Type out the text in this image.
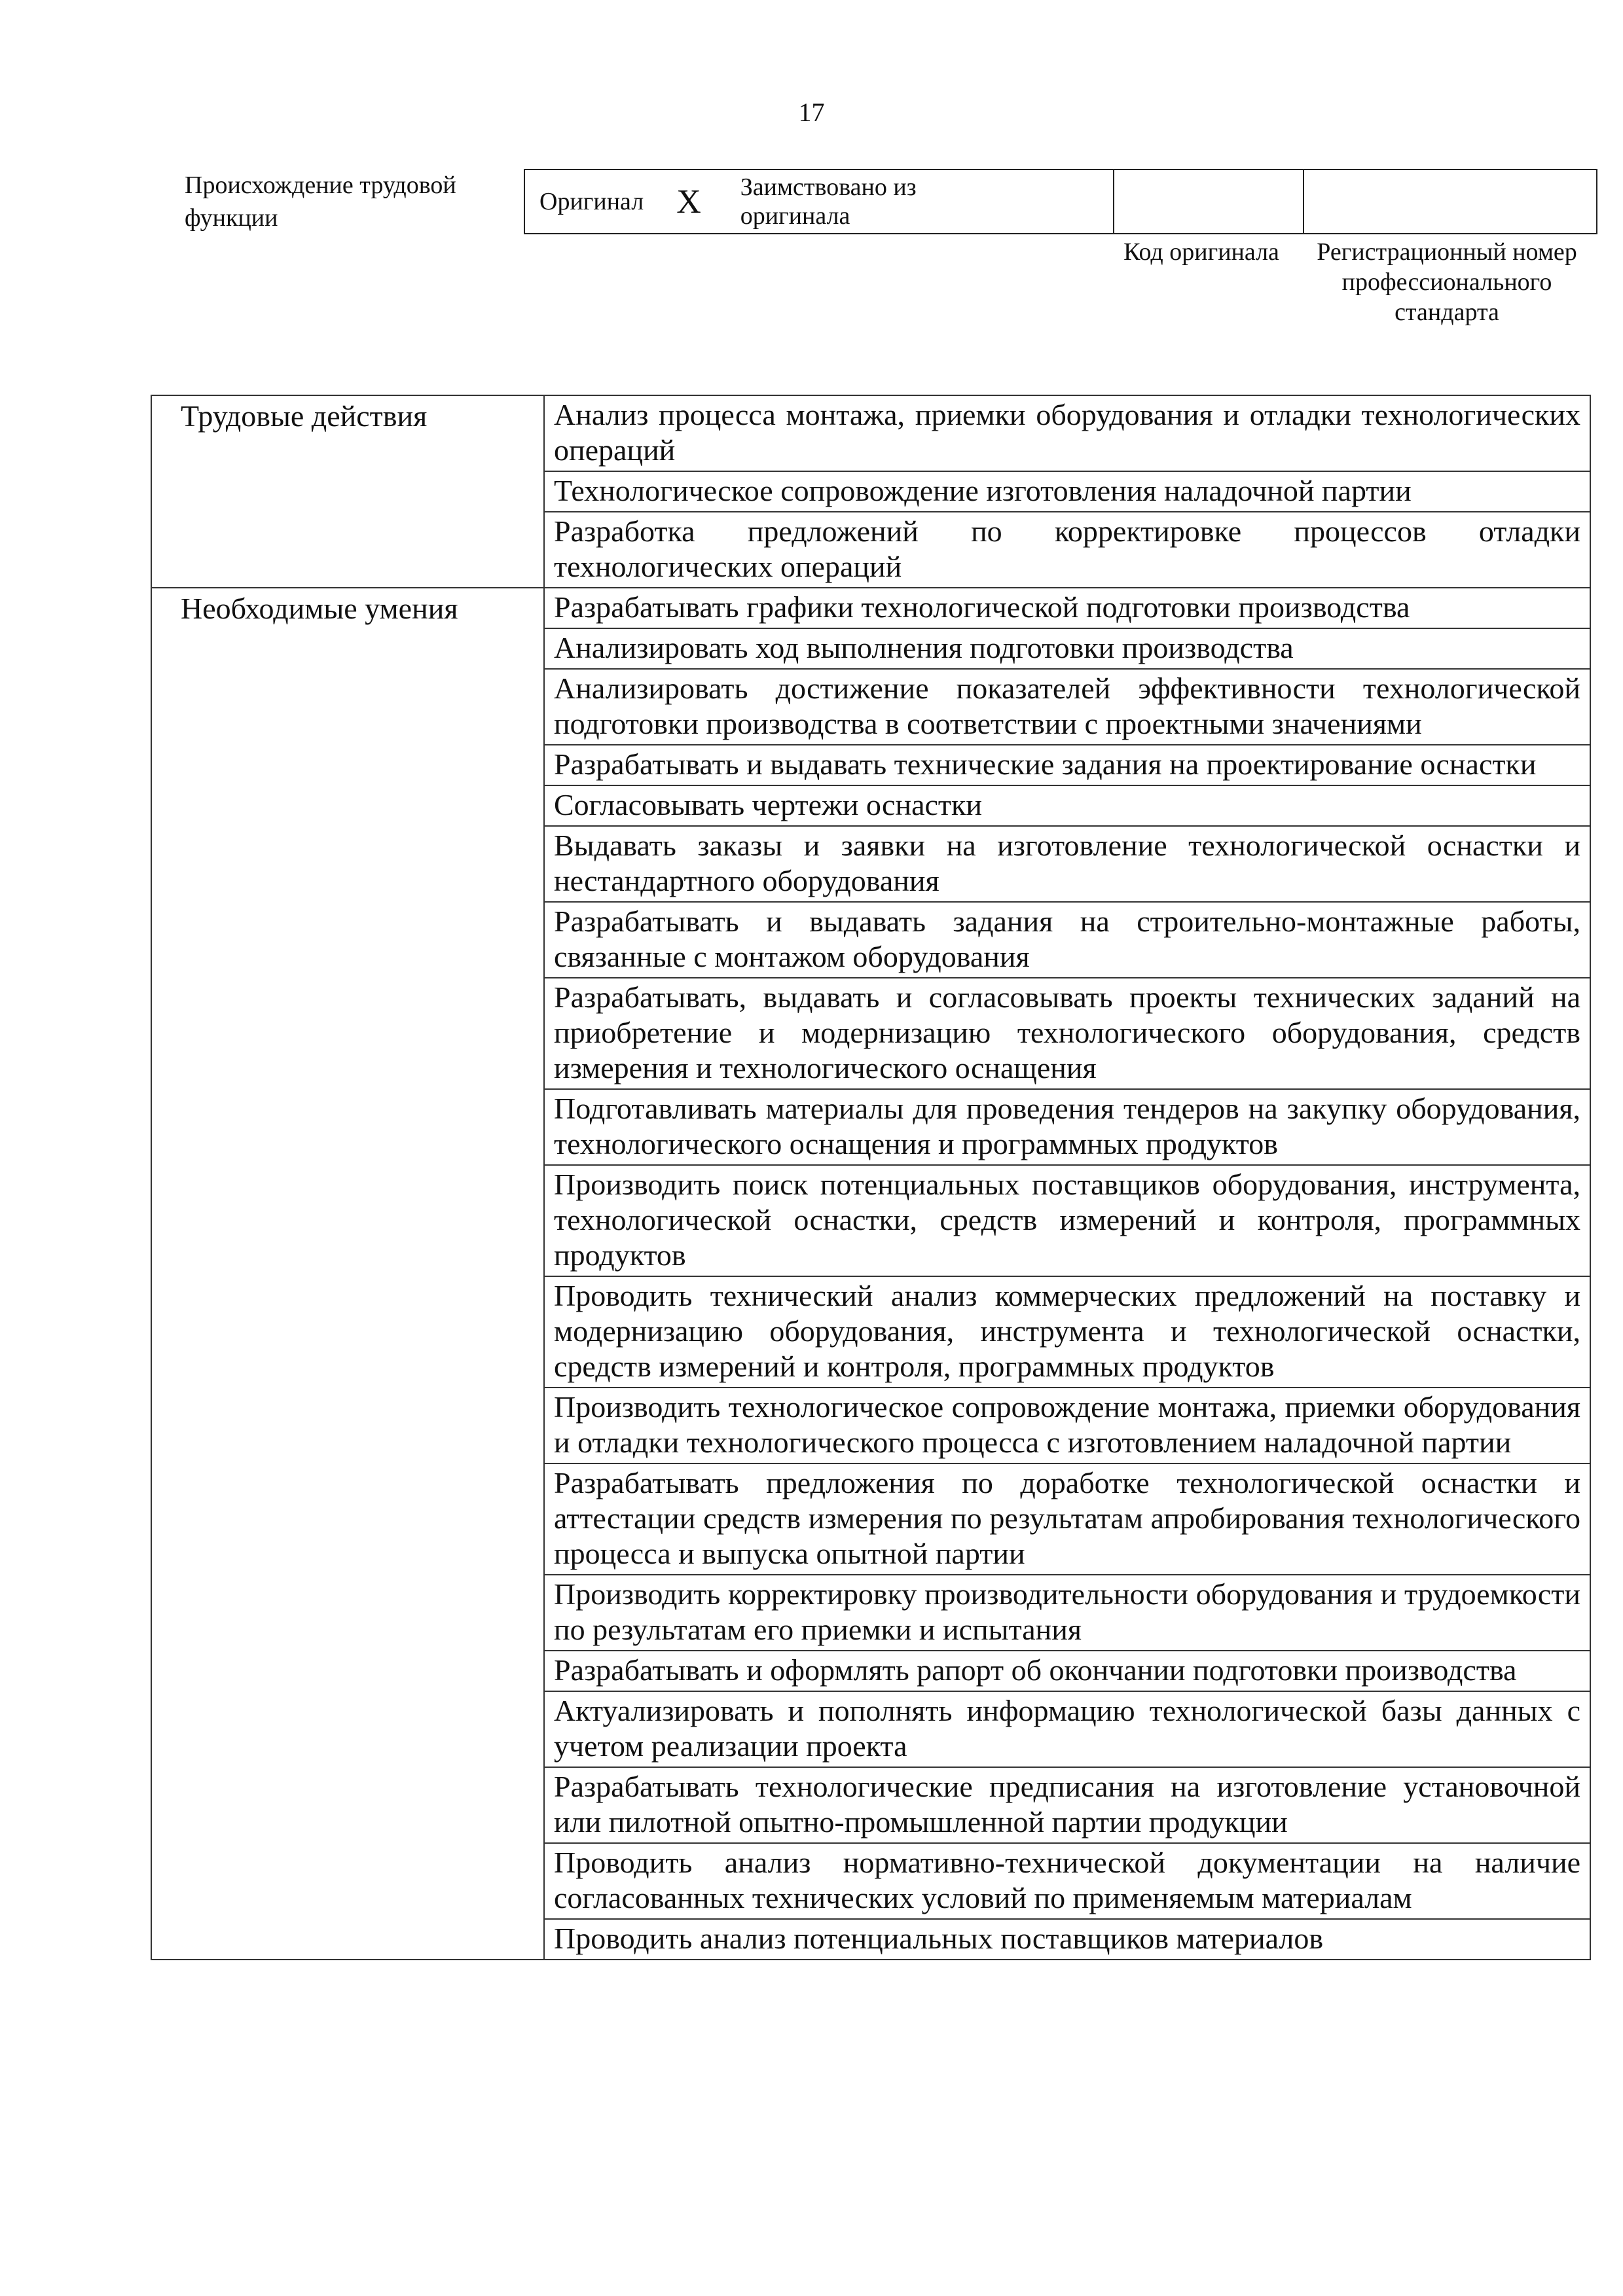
17
Происхождение трудовой функции
Оригинал X Заимствовано из оригинала
Код оригинала	Регистрационный номер профессионального стандарта
Трудовые действия	Анализ процесса монтажа, приемки оборудования и отладки технологических операций
	Технологическое сопровождение изготовления наладочной партии
	Разработка предложений по корректировке процессов отладки технологических операций
Необходимые умения	Разрабатывать графики технологической подготовки производства
	Анализировать ход выполнения подготовки производства
	Анализировать достижение показателей эффективности технологической подготовки производства в соответствии с проектными значениями
	Разрабатывать и выдавать технические задания на проектирование оснастки
	Согласовывать чертежи оснастки
	Выдавать заказы и заявки на изготовление технологической оснастки и нестандартного оборудования
	Разрабатывать и выдавать задания на строительно-монтажные работы, связанные с монтажом оборудования
	Разрабатывать, выдавать и согласовывать проекты технических заданий на приобретение и модернизацию технологического оборудования, средств измерения и технологического оснащения
	Подготавливать материалы для проведения тендеров на закупку оборудования, технологического оснащения и программных продуктов
	Производить поиск потенциальных поставщиков оборудования, инструмента, технологической оснастки, средств измерений и контроля, программных продуктов
	Проводить технический анализ коммерческих предложений на поставку и модернизацию оборудования, инструмента и технологической оснастки, средств измерений и контроля, программных продуктов
	Производить технологическое сопровождение монтажа, приемки оборудования и отладки технологического процесса с изготовлением наладочной партии
	Разрабатывать предложения по доработке технологической оснастки и аттестации средств измерения по результатам апробирования технологического процесса и выпуска опытной партии
	Производить корректировку производительности оборудования и трудоемкости по результатам его приемки и испытания
	Разрабатывать и оформлять рапорт об окончании подготовки производства
	Актуализировать и пополнять информацию технологической базы данных с учетом реализации проекта
	Разрабатывать технологические предписания на изготовление установочной или пилотной опытно-промышленной партии продукции
	Проводить анализ нормативно-технической документации на наличие согласованных технических условий по применяемым материалам
	Проводить анализ потенциальных поставщиков материалов
